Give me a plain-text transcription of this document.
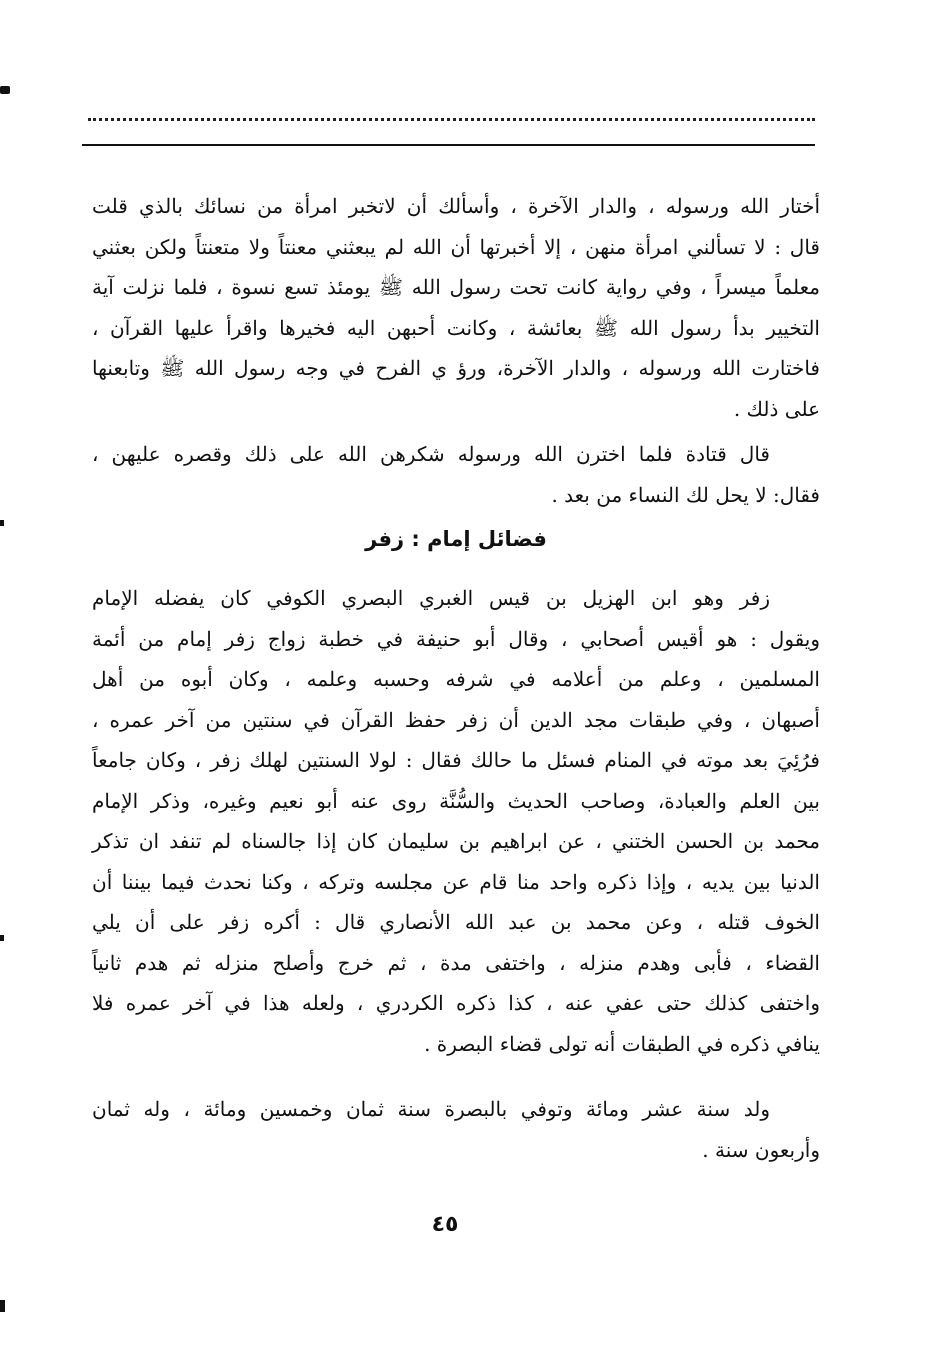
أختار الله ورسوله ، والدار الآخرة ، وأسألك أن لاتخبر امرأة من نسائك بالذي قلت

قال : لا تسألني امرأة منهن ، إلا أخبرتها أن الله لم يبعثني معنتاً ولا متعنتاً ولكن بعثني

معلماً ميسراً ، وفي رواية كانت تحت رسول الله ﷺ يومئذ تسع نسوة ، فلما نزلت آية

التخيير بدأ رسول الله ﷺ بعائشة ، وكانت أحبهن اليه فخيرها واقرأ عليها القرآن ،

فاختارت الله ورسوله ، والدار الآخرة، ورؤ ي الفرح في وجه رسول الله ﷺ وتابعنها

على ذلك .

قال قتادة فلما اخترن الله ورسوله شكرهن الله على ذلك وقصره عليهن ،

فقال: لا يحل لك النساء من بعد .

فضائل إمام : زفر

زفر وهو ابن الهزيل بن قيس الغبري البصري الكوفي كان يفضله الإمام

ويقول : هو أقيس أصحابي ، وقال أبو حنيفة في خطبة زواج زفر إمام من أئمة

المسلمين ، وعلم من أعلامه في شرفه وحسبه وعلمه ، وكان أبوه من أهل

أصبهان ، وفي طبقات مجد الدين أن زفر حفظ القرآن في سنتين من آخر عمره ،

فرُئِيَ بعد موته في المنام فسئل ما حالك فقال : لولا السنتين لهلك زفر ، وكان جامعاً

بين العلم والعبادة، وصاحب الحديث والسُّنَّة روى عنه أبو نعيم وغيره، وذكر الإمام

محمد بن الحسن الختني ، عن ابراهيم بن سليمان كان إذا جالسناه لم تنفد ان تذكر

الدنيا بين يديه ، وإذا ذكره واحد منا قام عن مجلسه وتركه ، وكنا نحدث فيما بيننا أن

الخوف قتله ، وعن محمد بن عبد الله الأنصاري قال : أكره زفر على أن يلي

القضاء ، فأبى وهدم منزله ، واختفى مدة ، ثم خرج وأصلح منزله ثم هدم ثانياً

واختفى كذلك حتى عفي عنه ، كذا ذكره الكردري ، ولعله هذا في آخر عمره فلا

ينافي ذكره في الطبقات أنه تولى قضاء البصرة .

ولد سنة عشر ومائة وتوفي بالبصرة سنة ثمان وخمسين ومائة ، وله ثمان

وأربعون سنة .

٤٥
